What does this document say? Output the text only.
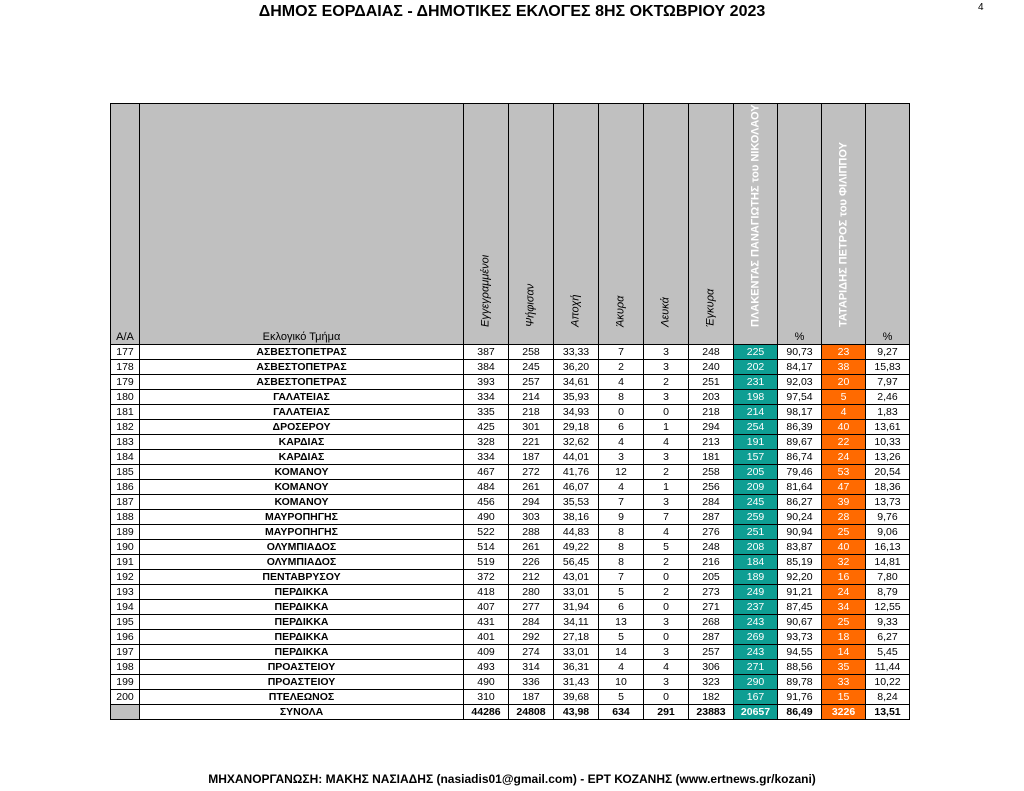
ΔΗΜΟΣ ΕΟΡΔΑΙΑΣ - ΔΗΜΟΤΙΚΕΣ ΕΚΛΟΓΕΣ 8ΗΣ ΟΚΤΩΒΡΙΟΥ 2023	4
Α/Α	Εκλογικό Τμήμα	Εγγεγραμμένοι	Ψήφισαν	Αποχή	Άκυρα	Λευκά	Έγκυρα	ΠΛΑΚΕΝΤΑΣ ΠΑΝΑΓΙΩΤΗΣ του ΝΙΚΟΛΑΟΥ	%	ΤΑΤΑΡΙΔΗΣ ΠΕΤΡΟΣ του ΦΙΛΙΠΠΟΥ	%
177	ΑΣΒΕΣΤΟΠΕΤΡΑΣ	387	258	33,33	7	3	248	225	90,73	23	9,27
178	ΑΣΒΕΣΤΟΠΕΤΡΑΣ	384	245	36,20	2	3	240	202	84,17	38	15,83
179	ΑΣΒΕΣΤΟΠΕΤΡΑΣ	393	257	34,61	4	2	251	231	92,03	20	7,97
180	ΓΑΛΑΤΕΙΑΣ	334	214	35,93	8	3	203	198	97,54	5	2,46
181	ΓΑΛΑΤΕΙΑΣ	335	218	34,93	0	0	218	214	98,17	4	1,83
182	ΔΡΟΣΕΡΟΥ	425	301	29,18	6	1	294	254	86,39	40	13,61
183	ΚΑΡΔΙΑΣ	328	221	32,62	4	4	213	191	89,67	22	10,33
184	ΚΑΡΔΙΑΣ	334	187	44,01	3	3	181	157	86,74	24	13,26
185	ΚΟΜΑΝΟΥ	467	272	41,76	12	2	258	205	79,46	53	20,54
186	ΚΟΜΑΝΟΥ	484	261	46,07	4	1	256	209	81,64	47	18,36
187	ΚΟΜΑΝΟΥ	456	294	35,53	7	3	284	245	86,27	39	13,73
188	ΜΑΥΡΟΠΗΓΗΣ	490	303	38,16	9	7	287	259	90,24	28	9,76
189	ΜΑΥΡΟΠΗΓΗΣ	522	288	44,83	8	4	276	251	90,94	25	9,06
190	ΟΛΥΜΠΙΑΔΟΣ	514	261	49,22	8	5	248	208	83,87	40	16,13
191	ΟΛΥΜΠΙΑΔΟΣ	519	226	56,45	8	2	216	184	85,19	32	14,81
192	ΠΕΝΤΑΒΡΥΣΟΥ	372	212	43,01	7	0	205	189	92,20	16	7,80
193	ΠΕΡΔΙΚΚΑ	418	280	33,01	5	2	273	249	91,21	24	8,79
194	ΠΕΡΔΙΚΚΑ	407	277	31,94	6	0	271	237	87,45	34	12,55
195	ΠΕΡΔΙΚΚΑ	431	284	34,11	13	3	268	243	90,67	25	9,33
196	ΠΕΡΔΙΚΚΑ	401	292	27,18	5	0	287	269	93,73	18	6,27
197	ΠΕΡΔΙΚΚΑ	409	274	33,01	14	3	257	243	94,55	14	5,45
198	ΠΡΟΑΣΤΕΙΟΥ	493	314	36,31	4	4	306	271	88,56	35	11,44
199	ΠΡΟΑΣΤΕΙΟΥ	490	336	31,43	10	3	323	290	89,78	33	10,22
200	ΠΤΕΛΕΩΝΟΣ	310	187	39,68	5	0	182	167	91,76	15	8,24
	ΣΥΝΟΛΑ	44286	24808	43,98	634	291	23883	20657	86,49	3226	13,51
ΜΗΧΑΝΟΡΓΑΝΩΣΗ: ΜΑΚΗΣ ΝΑΣΙΑΔΗΣ (nasiadis01@gmail.com) - ΕΡΤ ΚΟΖΑΝΗΣ (www.ertnews.gr/kozani)
